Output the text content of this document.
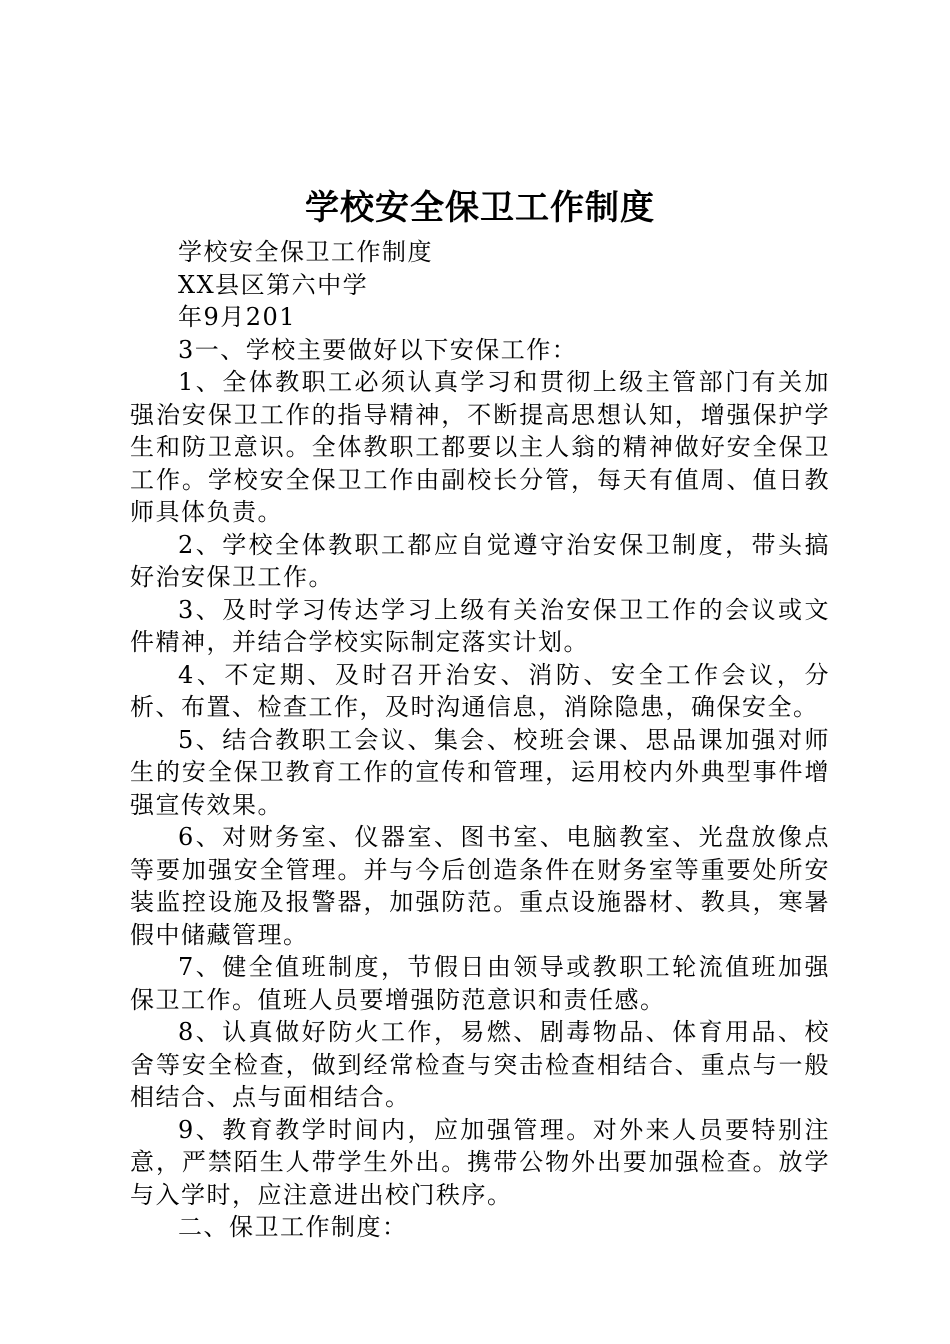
学校安全保卫工作制度

学校安全保卫工作制度

XX县区第六中学

年9月201

3一、学校主要做好以下安保工作：

1、全体教职工必须认真学习和贯彻上级主管部门有关加强治安保卫工作的指导精神，不断提高思想认知，增强保护学生和防卫意识。全体教职工都要以主人翁的精神做好安全保卫工作。学校安全保卫工作由副校长分管，每天有值周、值日教师具体负责。

2、学校全体教职工都应自觉遵守治安保卫制度，带头搞好治安保卫工作。

3、及时学习传达学习上级有关治安保卫工作的会议或文件精神，并结合学校实际制定落实计划。

4、不定期、及时召开治安、消防、安全工作会议，分析、布置、检查工作，及时沟通信息，消除隐患，确保安全。

5、结合教职工会议、集会、校班会课、思品课加强对师生的安全保卫教育工作的宣传和管理，运用校内外典型事件增强宣传效果。

6、对财务室、仪器室、图书室、电脑教室、光盘放像点等要加强安全管理。并与今后创造条件在财务室等重要处所安装监控设施及报警器，加强防范。重点设施器材、教具，寒暑假中储藏管理。

7、健全值班制度，节假日由领导或教职工轮流值班加强保卫工作。值班人员要增强防范意识和责任感。

8、认真做好防火工作，易燃、剧毒物品、体育用品、校舍等安全检查，做到经常检查与突击检查相结合、重点与一般相结合、点与面相结合。

9、教育教学时间内，应加强管理。对外来人员要特别注意，严禁陌生人带学生外出。携带公物外出要加强检查。放学与入学时，应注意进出校门秩序。

二、保卫工作制度：
